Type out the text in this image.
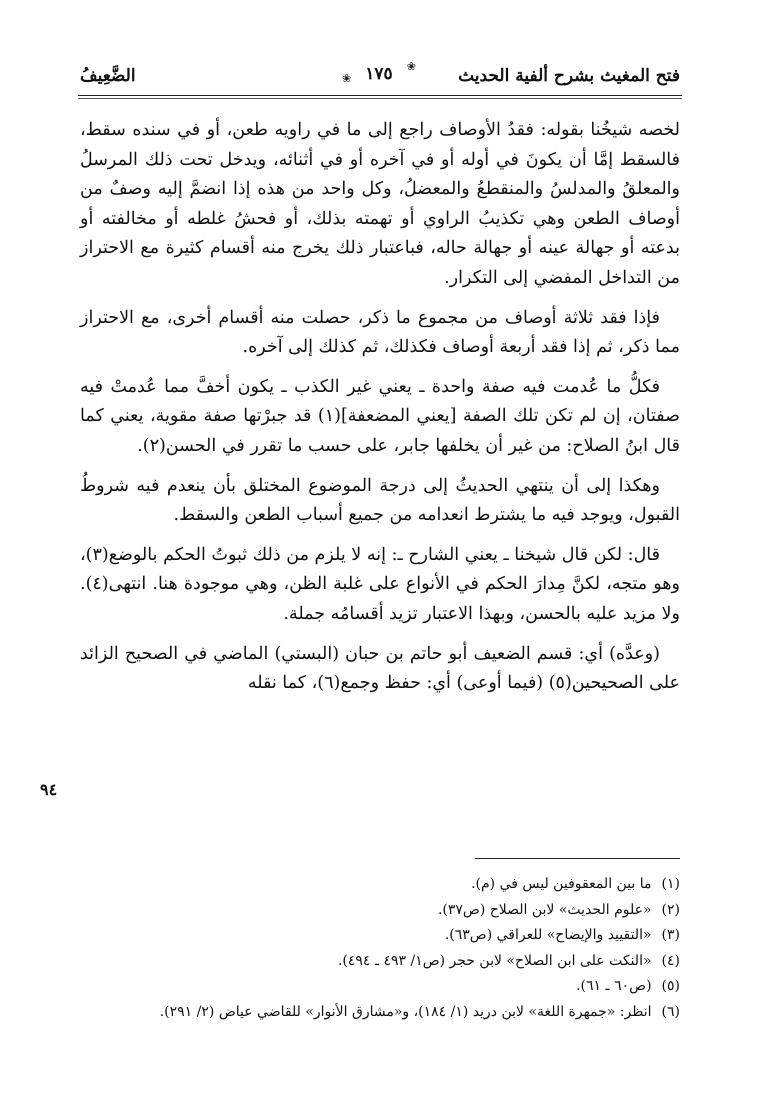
فتح المغيث بشرح ألفية الحديث
❀
❀ ١٧٥
الضَّعِيفُ

لخصه شيخُنا بقوله: فقدُ الأوصاف راجع إلى ما في راويه طعن، أو في سنده سقط، فالسقط إمَّا أن يكونَ في أوله أو في آخره أو في أثنائه، ويدخل تحت ذلك المرسلُ والمعلقُ والمدلسُ والمنقطعُ والمعضلُ، وكل واحد من هذه إذا انضمَّ إليه وصفٌ من أوصاف الطعن وهي تكذيبُ الراوي أو تهمته بذلك، أو فحشُ غلطه أو مخالفته أو بدعته أو جهالة عينه أو جهالة حاله، فباعتبار ذلك يخرج منه أقسام كثيرة مع الاحتراز من التداخل المفضي إلى التكرار.

فإذا فقد ثلاثة أوصاف من مجموع ما ذكر، حصلت منه أقسام أخرى، مع الاحتراز مما ذكر، ثم إذا فقد أربعة أوصاف فكذلك، ثم كذلك إلى آخره.

فكلُّ ما عُدمت فيه صفة واحدة ـ يعني غير الكذب ـ يكون أخفَّ مما عُدمتْ فيه صفتان، إن لم تكن تلك الصفة [يعني المضعفة](١) قد جبرْتها صفة مقوية، يعني كما قال ابنُ الصلاح: من غير أن يخلفها جابر، على حسب ما تقرر في الحسن(٢).

وهكذا إلى أن ينتهي الحديثُ إلى درجة الموضوع المختلق بأن ينعدم فيه شروطُ القبول، ويوجد فيه ما يشترط انعدامه من جميع أسباب الطعن والسقط.

قال: لكن قال شيخنا ـ يعني الشارح ـ: إنه لا يلزم من ذلك ثبوتُ الحكم بالوضع(٣)، وهو متجه، لكنَّ مِدارَ الحكم في الأنواع على غلبة الظن، وهي موجودة هنا. انتهى(٤). ولا مزيد عليه بالحسن، وبهذا الاعتبار تزيد أقسامُه جملة.

(وعدَّه) أي: قسم الضعيف أبو حاتم بن حبان (البستي) الماضي في الصحيح الزائد على الصحيحين(٥) (فيما أوعى) أي: حفظ وجمع(٦)، كما نقله

٩٤
(١)ما بين المعقوفين ليس في (م).
(٢)«علوم الحديث» لابن الصلاح (ص٣٧).
(٣)«التقييد والإيضاح» للعراقي (ص٦٣).
(٤)«النكت على ابن الصلاح» لابن حجر (ص١/ ٤٩٣ ـ ٤٩٤).
(٥)(ص٦٠ ـ ٦١).
(٦)انظر: «جمهرة اللغة» لابن دريد (١/ ١٨٤)، و«مشارق الأنوار» للقاضي عياض (٢/ ٢٩١).
